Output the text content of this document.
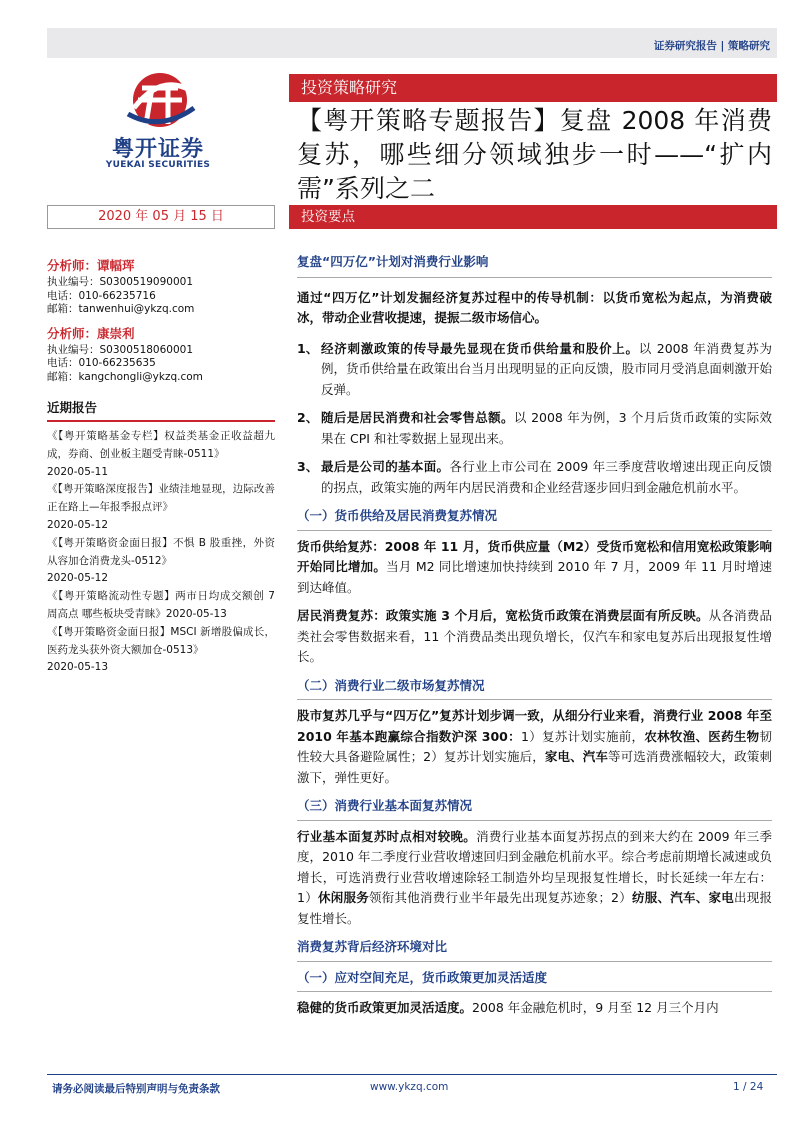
证券研究报告 | 策略研究
粤开证券
YUEKAI SECURITIES
投资策略研究
【粤开策略专题报告】复盘 2008 年消费复苏，哪些细分领域独步一时——“扩内需”系列之二
2020 年 05 月 15 日	投资要点
分析师：谭幅珲
执业编号：S0300519090001
电话：010-66235716
邮箱：tanwenhui@ykzq.com
分析师：康崇利
执业编号：S0300518060001
电话：010-66235635
邮箱：kangchongli@ykzq.com
近期报告
《【粤开策略基金专栏】权益类基金正收益超九成，券商、创业板主题受青睐-0511》
2020-05-11
《【粤开策略深度报告】业绩洼地显现，边际改善正在路上—年报季报点评》
2020-05-12
《【粤开策略资金面日报】不惧 B 股重挫，外资从容加仓消费龙头-0512》
2020-05-12
《【粤开策略流动性专题】两市日均成交额创 7 周高点 哪些板块受青睐》2020-05-13
《【粤开策略资金面日报】MSCI 新增股偏成长，医药龙头获外资大额加仓-0513》
2020-05-13
复盘“四万亿”计划对消费行业影响

通过“四万亿”计划发掘经济复苏过程中的传导机制：以货币宽松为起点，为消费破冰，带动企业营收提速，提振二级市场信心。

1、 经济刺激政策的传导最先显现在货币供给量和股价上。以 2008 年消费复苏为例，货币供给量在政策出台当月出现明显的正向反馈，股市同月受消息面刺激开始反弹。

2、 随后是居民消费和社会零售总额。以 2008 年为例，3 个月后货币政策的实际效果在 CPI 和社零数据上显现出来。

3、 最后是公司的基本面。各行业上市公司在 2009 年三季度营收增速出现正向反馈的拐点，政策实施的两年内居民消费和企业经营逐步回归到金融危机前水平。

（一）货币供给及居民消费复苏情况

货币供给复苏：2008 年 11 月，货币供应量（M2）受货币宽松和信用宽松政策影响开始同比增加。当月 M2 同比增速加快持续到 2010 年 7 月，2009 年 11 月时增速到达峰值。

居民消费复苏：政策实施 3 个月后，宽松货币政策在消费层面有所反映。从各消费品类社会零售数据来看，11 个消费品类出现负增长，仅汽车和家电复苏后出现报复性增长。

（二）消费行业二级市场复苏情况

股市复苏几乎与“四万亿”复苏计划步调一致，从细分行业来看，消费行业 2008 年至 2010 年基本跑赢综合指数沪深 300：1）复苏计划实施前，农林牧渔、医药生物韧性较大具备避险属性；2）复苏计划实施后，家电、汽车等可选消费涨幅较大，政策刺激下，弹性更好。

（三）消费行业基本面复苏情况

行业基本面复苏时点相对较晚。消费行业基本面复苏拐点的到来大约在 2009 年三季度，2010 年二季度行业营收增速回归到金融危机前水平。综合考虑前期增长减速或负增长，可选消费行业营收增速除轻工制造外均呈现报复性增长，时长延续一年左右：1）休闲服务领衔其他消费行业半年最先出现复苏迹象；2）纺服、汽车、家电出现报复性增长。

消费复苏背后经济环境对比
（一）应对空间充足，货币政策更加灵活适度

稳健的货币政策更加灵活适度。2008 年金融危机时，9 月至 12 月三个月内

请务必阅读最后特别声明与免责条款	www.ykzq.com	1 / 24
